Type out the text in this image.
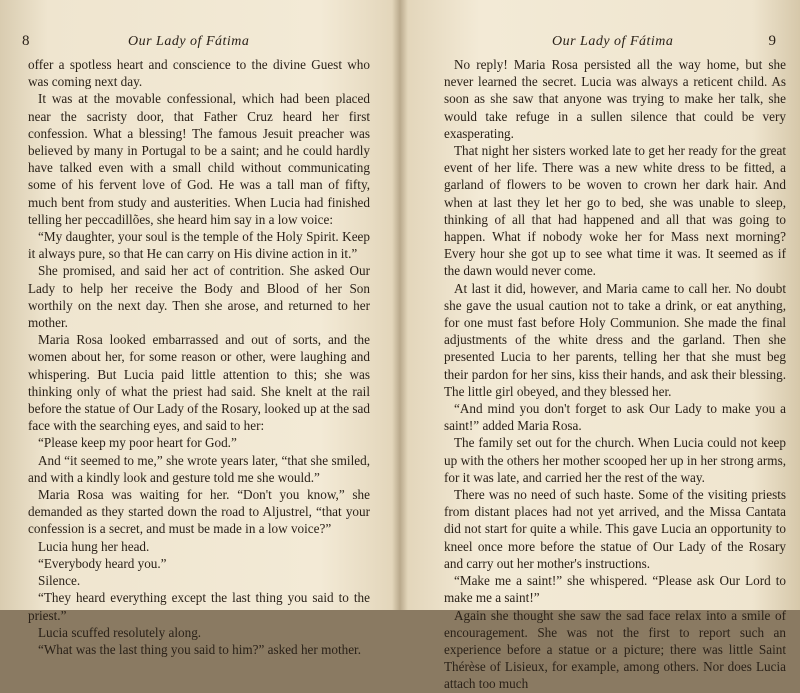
8	Our Lady of Fátima

offer a spotless heart and conscience to the divine Guest who was coming next day.

It was at the movable confessional, which had been placed near the sacristy door, that Father Cruz heard her first confession. What a blessing! The famous Jesuit preacher was believed by many in Portugal to be a saint; and he could hardly have talked even with a small child without communicating some of his fervent love of God. He was a tall man of fifty, much bent from study and austerities. When Lucia had finished telling her peccadillões, she heard him say in a low voice:

“My daughter, your soul is the temple of the Holy Spirit. Keep it always pure, so that He can carry on His divine action in it.”

She promised, and said her act of contrition. She asked Our Lady to help her receive the Body and Blood of her Son worthily on the next day. Then she arose, and returned to her mother.

Maria Rosa looked embarrassed and out of sorts, and the women about her, for some reason or other, were laughing and whispering. But Lucia paid little attention to this; she was thinking only of what the priest had said. She knelt at the rail before the statue of Our Lady of the Rosary, looked up at the sad face with the searching eyes, and said to her:

“Please keep my poor heart for God.”

And “it seemed to me,” she wrote years later, “that she smiled, and with a kindly look and gesture told me she would.”

Maria Rosa was waiting for her. “Don't you know,” she demanded as they started down the road to Aljustrel, “that your confession is a secret, and must be made in a low voice?”

Lucia hung her head.

“Everybody heard you.”

Silence.

“They heard everything except the last thing you said to the priest.”

Lucia scuffed resolutely along.

“What was the last thing you said to him?” asked her mother.

Our Lady of Fátima	9

No reply! Maria Rosa persisted all the way home, but she never learned the secret. Lucia was always a reticent child. As soon as she saw that anyone was trying to make her talk, she would take refuge in a sullen silence that could be very exasperating.

That night her sisters worked late to get her ready for the great event of her life. There was a new white dress to be fitted, a garland of flowers to be woven to crown her dark hair. And when at last they let her go to bed, she was unable to sleep, thinking of all that had happened and all that was going to happen. What if nobody woke her for Mass next morning? Every hour she got up to see what time it was. It seemed as if the dawn would never come.

At last it did, however, and Maria came to call her. No doubt she gave the usual caution not to take a drink, or eat anything, for one must fast before Holy Communion. She made the final adjustments of the white dress and the garland. Then she presented Lucia to her parents, telling her that she must beg their pardon for her sins, kiss their hands, and ask their blessing. The little girl obeyed, and they blessed her.

“And mind you don't forget to ask Our Lady to make you a saint!” added Maria Rosa.

The family set out for the church. When Lucia could not keep up with the others her mother scooped her up in her strong arms, for it was late, and carried her the rest of the way.

There was no need of such haste. Some of the visiting priests from distant places had not yet arrived, and the Missa Cantata did not start for quite a while. This gave Lucia an opportunity to kneel once more before the statue of Our Lady of the Rosary and carry out her mother's instructions.

“Make me a saint!” she whispered. “Please ask Our Lord to make me a saint!”

Again she thought she saw the sad face relax into a smile of encouragement. She was not the first to report such an experience before a statue or a picture; there was little Saint Thérèse of Lisieux, for example, among others. Nor does Lucia attach too much
